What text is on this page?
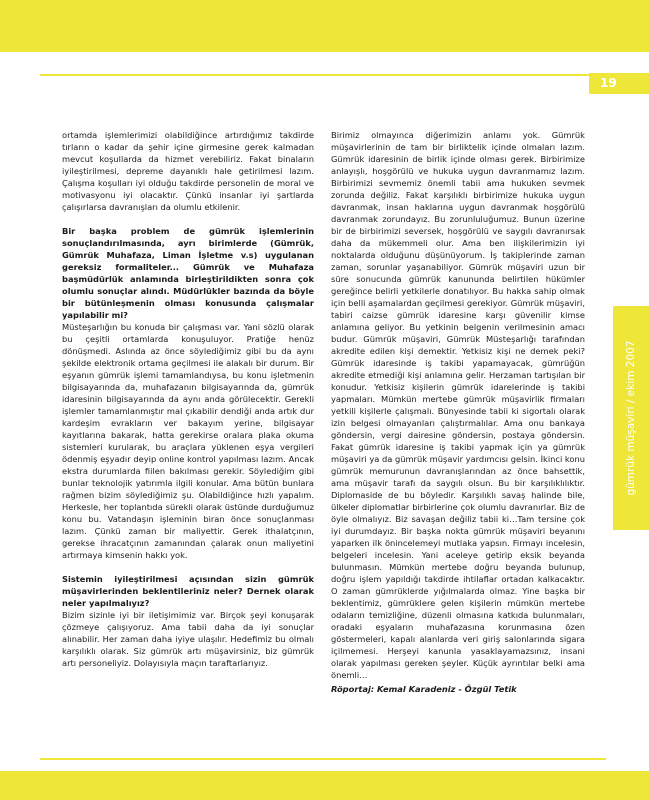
19

ortamda işlemlerimizi olabildiğince artırdığımız takdirde tırların o kadar da şehir içine girmesine gerek kalmadan mevcut koşullarda da hizmet verebiliriz. Fakat binaların iyileştirilmesi, depreme dayanıklı hale getirilmesi lazım. Çalışma koşulları iyi olduğu takdirde personelin de moral ve motivasyonu iyi olacaktır. Çünkü insanlar iyi şartlarda çalışırlarsa davranışları da olumlu etkilenir.

Bir başka problem de gümrük işlemlerinin sonuçlandırılmasında, ayrı birimlerde (Gümrük, Gümrük Muhafaza, Liman İşletme v.s) uygulanan gereksiz formaliteler... Gümrük ve Muhafaza başmüdürlük anlamında birleştirildikten sonra çok olumlu sonuçlar alındı. Müdürlükler bazında da böyle bir bütünleşmenin olması konusunda çalışmalar yapılabilir mi?

Müsteşarlığın bu konuda bir çalışması var. Yani sözlü olarak bu çeşitli ortamlarda konuşuluyor. Pratiğe henüz dönüşmedi. Aslında az önce söylediğimiz gibi bu da aynı şekilde elektronik ortama geçilmesi ile alakalı bir durum. Bir eşyanın gümrük işlemi tamamlandıysa, bu konu işletmenin bilgisayarında da, muhafazanın bilgisayarında da, gümrük idaresinin bilgisayarında da aynı anda görülecektir. Gerekli işlemler tamamlanmıştır mal çıkabilir dendiği anda artık dur kardeşim evrakların ver bakayım yerine, bilgisayar kayıtlarına bakarak, hatta gerekirse oralara plaka okuma sistemleri kurularak, bu araçlara yüklenen eşya vergileri ödenmiş eşyadır deyip online kontrol yapılması lazım. Ancak ekstra durumlarda fiilen bakılması gerekir. Söylediğim gibi bunlar teknolojik yatırımla ilgili konular. Ama bütün bunlara rağmen bizim söylediğimiz şu. Olabildiğince hızlı yapalım. Herkesle, her toplantıda sürekli olarak üstünde durduğumuz konu bu. Vatandaşın işleminin biran önce sonuçlanması lazım. Çünkü zaman bir maliyettir. Gerek ithalatçının, gerekse ihracatçının zamanından çalarak onun maliyetini artırmaya kimsenin hakkı yok.

Sistemin iyileştirilmesi açısından sizin gümrük müşavirlerinden beklentileriniz neler? Dernek olarak neler yapılmalıyız?

Bizim sizinle iyi bir iletişimimiz var. Birçok şeyi konuşarak çözmeye çalışıyoruz. Ama tabii daha da iyi sonuçlar alınabilir. Her zaman daha iyiye ulaşılır. Hedefimiz bu olmalı karşılıklı olarak. Siz gümrük artı müşavirsiniz, biz gümrük artı personeliyiz. Dolayısıyla maçın taraftarlarıyız.

Birimiz olmayınca diğerimizin anlamı yok. Gümrük müşavirlerinin de tam bir birliktelik içinde olmaları lazım. Gümrük idaresinin de birlik içinde olması gerek. Birbirimize anlayışlı, hoşgörülü ve hukuka uygun davranmamız lazım. Birbirimizi sevmemiz önemli tabii ama hukuken sevmek zorunda değiliz. Fakat karşılıklı birbirimize hukuka uygun davranmak, insan haklarına uygun davranmak hoşgörülü davranmak zorundayız. Bu zorunluluğumuz. Bunun üzerine bir de birbirimizi seversek, hoşgörülü ve saygılı davranırsak daha da mükemmeli olur. Ama ben ilişkilerimizin iyi noktalarda olduğunu düşünüyorum. İş takiplerinde zaman zaman, sorunlar yaşanabiliyor. Gümrük müşaviri uzun bir süre sonucunda gümrük kanununda belirtilen hükümler gereğince belirli yetkilerle donatılıyor. Bu hakka sahip olmak için belli aşamalardan geçilmesi gerekiyor. Gümrük müşaviri, tabiri caizse gümrük idaresine karşı güvenilir kimse anlamına geliyor. Bu yetkinin belgenin verilmesinin amacı budur. Gümrük müşaviri, Gümrük Müsteşarlığı tarafından akredite edilen kişi demektir. Yetkisiz kişi ne demek peki? Gümrük idaresinde iş takibi yapamayacak, gümrüğün akredite etmediği kişi anlamına gelir. Herzaman tartışılan bir konudur. Yetkisiz kişilerin gümrük idarelerinde iş takibi yapmaları. Mümkün mertebe gümrük müşavirlik firmaları yetkili kişilerle çalışmalı. Bünyesinde tabii ki sigortalı olarak izin belgesi olmayanları çalıştırmalılar. Ama onu bankaya göndersin, vergi dairesine göndersin, postaya göndersin. Fakat gümrük idaresine iş takibi yapmak için ya gümrük müşaviri ya da gümrük müşavir yardımcısı gelsin. İkinci konu gümrük memurunun davranışlarından az önce bahsettik, ama müşavir tarafı da saygılı olsun. Bu bir karşılıklılıktır. Diplomaside de bu böyledir. Karşılıklı savaş halinde bile, ülkeler diplomatlar birbirlerine çok olumlu davranırlar. Biz de öyle olmalıyız. Biz savaşan değiliz tabii ki…Tam tersine çok iyi durumdayız. Bir başka nokta gümrük müşaviri beyanını yaparken ilk önincelemeyi mutlaka yapsın. Firmayı incelesin, belgeleri incelesin. Yani aceleye getirip eksik beyanda bulunmasın. Mümkün mertebe doğru beyanda bulunup, doğru işlem yapıldığı takdirde ihtilaflar ortadan kalkacaktır. O zaman gümrüklerde yığılmalarda olmaz. Yine başka bir beklentimiz, gümrüklere gelen kişilerin mümkün mertebe odaların temizliğine, düzenli olmasına katkıda bulunmaları, oradaki eşyaların muhafazasına korunmasına özen göstermeleri, kapalı alanlarda veri giriş salonlarında sigara içilmemesi. Herşeyi kanunla yasaklayamazsınız, insani olarak yapılması gereken şeyler. Küçük ayrıntılar belki ama önemli…

Röportaj: Kemal Karadeniz - Özgül Tetik

gümrük müşaviri / ekim 2007
